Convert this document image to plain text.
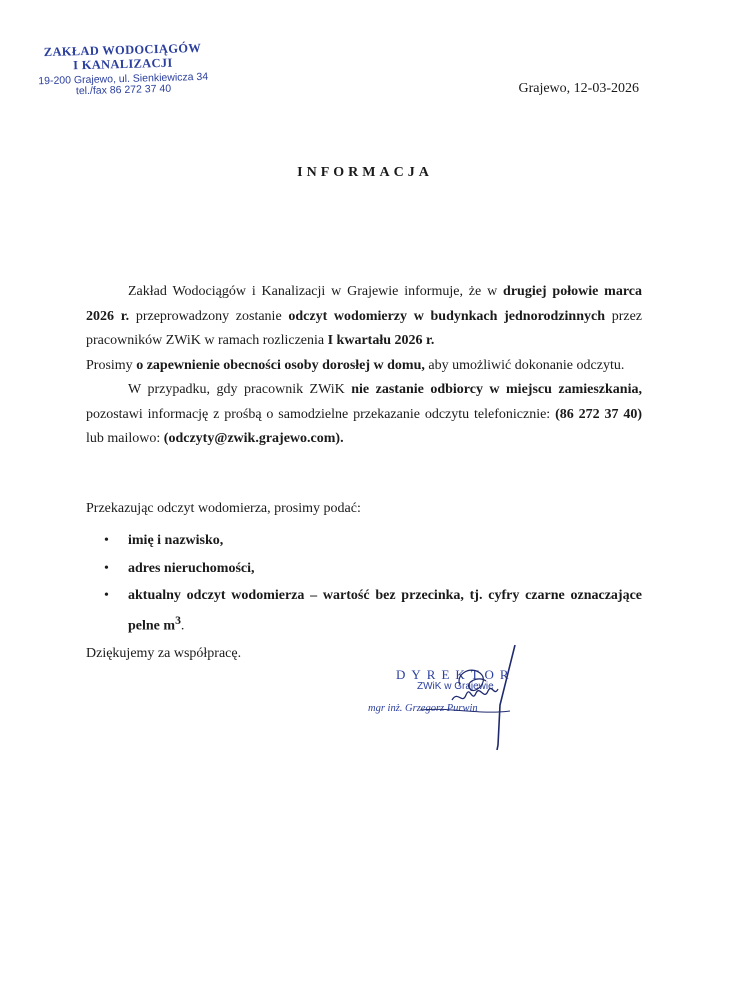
ZAKŁAD WODOCIĄGÓW
I KANALIZACJI
19-200 Grajewo, ul. Sienkiewicza 34
tel./fax 86 272 37 40	Grajewo, 12-03-2026
INFORMACJA

Zakład Wodociągów i Kanalizacji w Grajewie informuje, że w drugiej połowie marca 2026 r. przeprowadzony zostanie odczyt wodomierzy w budynkach jednorodzinnych przez pracowników ZWiK w ramach rozliczenia I kwartału 2026 r.

Prosimy o zapewnienie obecności osoby dorosłej w domu, aby umożliwić dokonanie odczytu.

W przypadku, gdy pracownik ZWiK nie zastanie odbiorcy w miejscu zamieszkania, pozostawi informację z prośbą o samodzielne przekazanie odczytu telefonicznie: (86 272 37 40) lub mailowo: (odczyty@zwik.grajewo.com).

Przekazując odczyt wodomierza, prosimy podać:

• imię i nazwisko,
• adres nieruchomości,
• aktualny odczyt wodomierza – wartość bez przecinka, tj. cyfry czarne oznaczające pelne $m^3$.

Dziękujemy za współpracę.

DYREKTOR
ZWiK w Grajewie
mgr inż. Grzegorz Purwin
